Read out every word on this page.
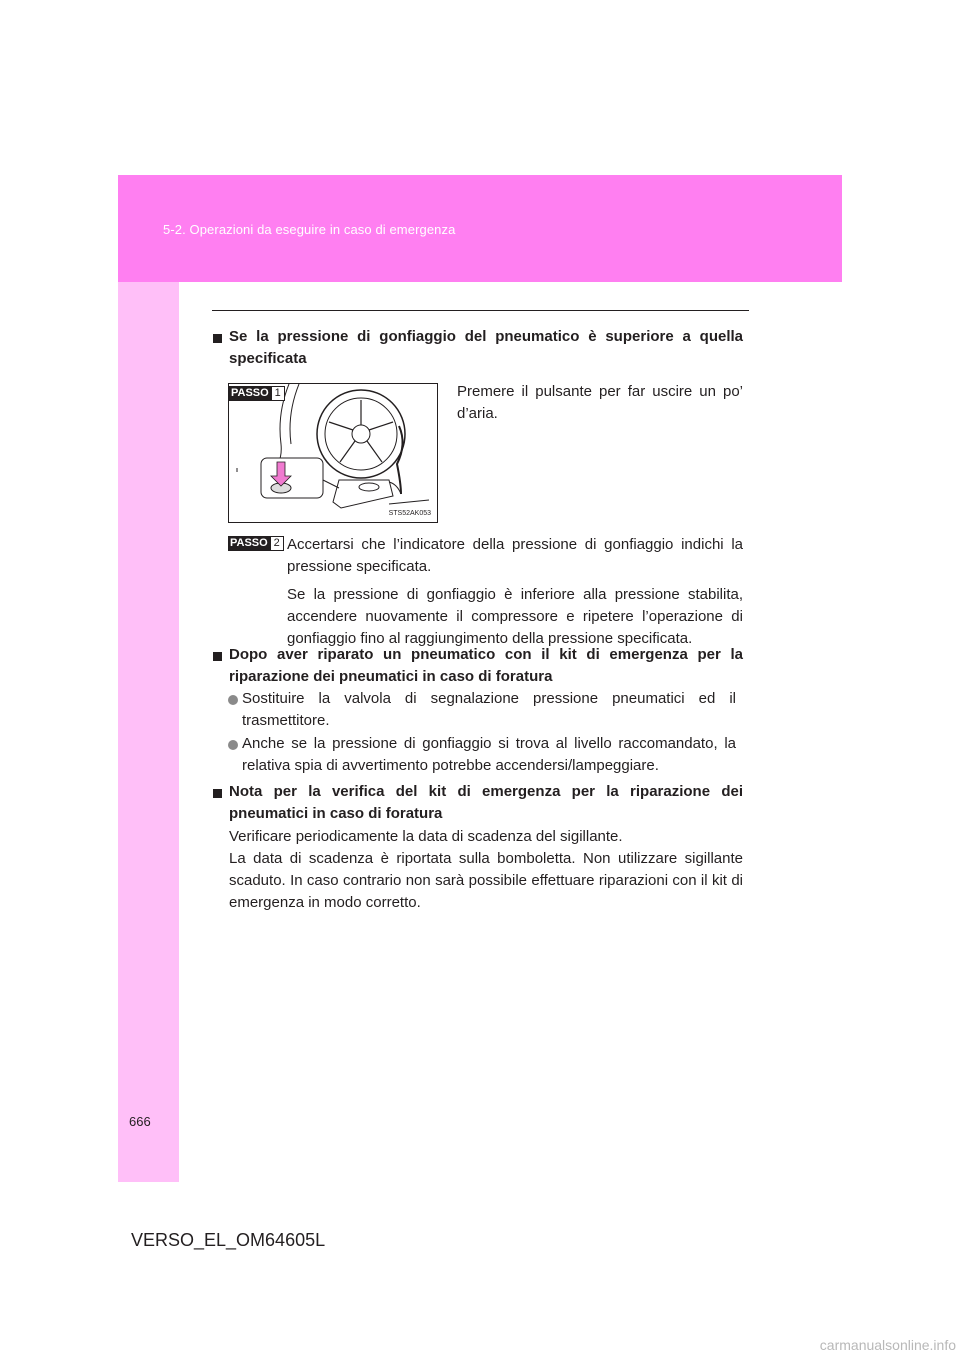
5-2. Operazioni da eseguire in caso di emergenza

Se la pressione di gonfiaggio del pneumatico è superiore a quella specificata

PASSO 1
STS52AK053

Premere il pulsante per far uscire un po’ d’aria.

PASSO 2 Accertarsi che l’indicatore della pressione di gonfiaggio indichi la pressione specificata.

Se la pressione di gonfiaggio è inferiore alla pressione stabilita, accendere nuovamente il compressore e ripetere l’operazione di gonfiaggio fino al raggiungimento della pressione specificata.

Dopo aver riparato un pneumatico con il kit di emergenza per la riparazione dei pneumatici in caso di foratura

Sostituire la valvola di segnalazione pressione pneumatici ed il trasmettitore.

Anche se la pressione di gonfiaggio si trova al livello raccomandato, la relativa spia di avvertimento potrebbe accendersi/lampeggiare.

Nota per la verifica del kit di emergenza per la riparazione dei pneumatici in caso di foratura

Verificare periodicamente la data di scadenza del sigillante.

La data di scadenza è riportata sulla bomboletta. Non utilizzare sigillante scaduto. In caso contrario non sarà possibile effettuare riparazioni con il kit di emergenza in modo corretto.

666
VERSO_EL_OM64605L
carmanualsonline.info
